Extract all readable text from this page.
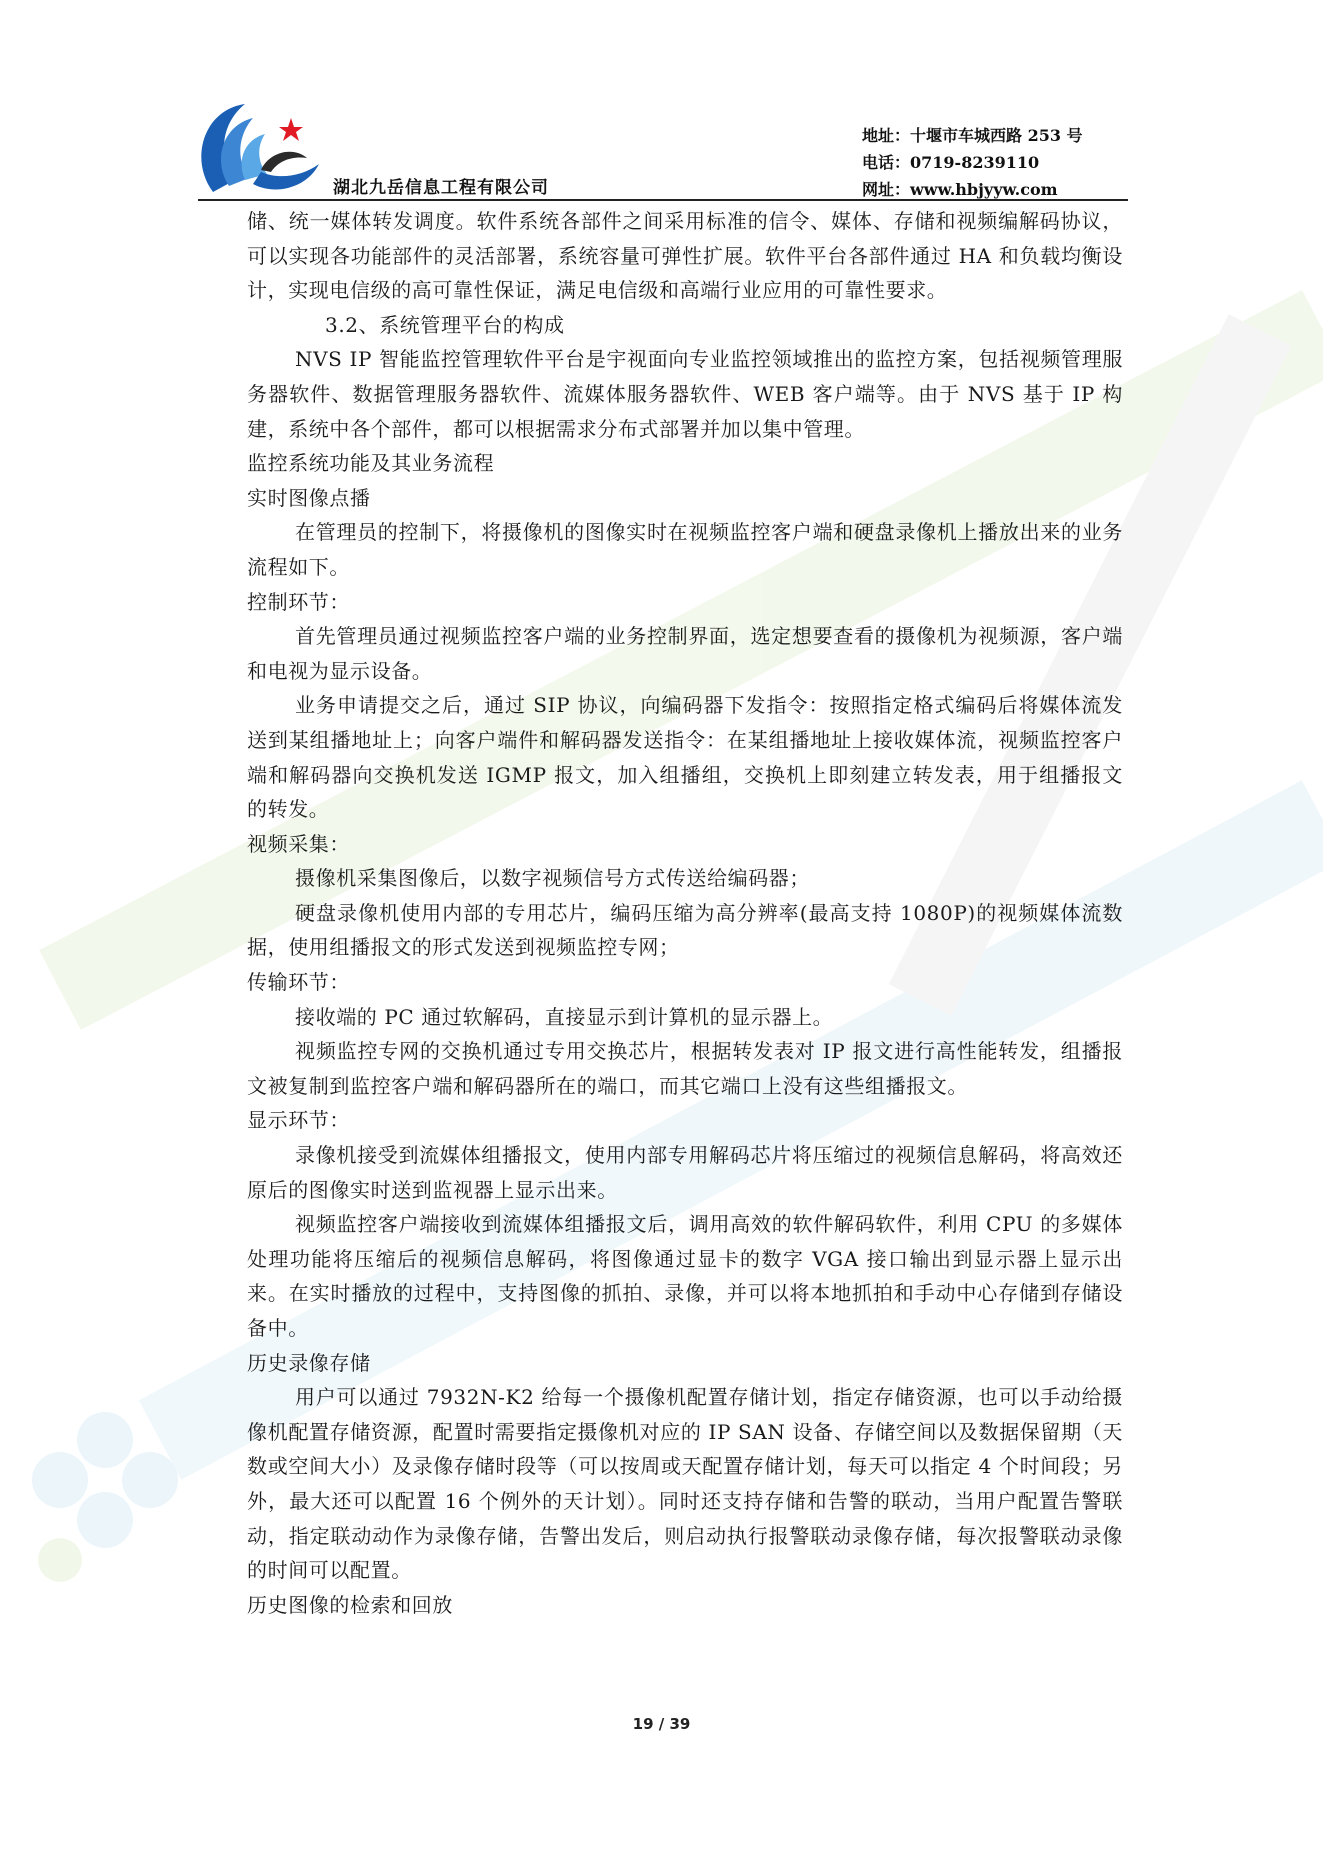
湖北九岳信息工程有限公司
地址：十堰市车城西路 253 号
电话：0719-8239110
网址：www.hbjyyw.com

储、统一媒体转发调度。软件系统各部件之间采用标准的信令、媒体、存储和视频编解码协议，可以实现各功能部件的灵活部署，系统容量可弹性扩展。软件平台各部件通过 HA 和负载均衡设计，实现电信级的高可靠性保证，满足电信级和高端行业应用的可靠性要求。

3.2、系统管理平台的构成

NVS IP 智能监控管理软件平台是宇视面向专业监控领域推出的监控方案，包括视频管理服务器软件、数据管理服务器软件、流媒体服务器软件、WEB 客户端等。由于 NVS 基于 IP 构建，系统中各个部件，都可以根据需求分布式部署并加以集中管理。

监控系统功能及其业务流程

实时图像点播

在管理员的控制下，将摄像机的图像实时在视频监控客户端和硬盘录像机上播放出来的业务流程如下。

控制环节：

首先管理员通过视频监控客户端的业务控制界面，选定想要查看的摄像机为视频源，客户端和电视为显示设备。

业务申请提交之后，通过 SIP 协议，向编码器下发指令：按照指定格式编码后将媒体流发送到某组播地址上；向客户端件和解码器发送指令：在某组播地址上接收媒体流，视频监控客户端和解码器向交换机发送 IGMP 报文，加入组播组，交换机上即刻建立转发表，用于组播报文的转发。

视频采集：

摄像机采集图像后，以数字视频信号方式传送给编码器；

硬盘录像机使用内部的专用芯片，编码压缩为高分辨率(最高支持 1080P)的视频媒体流数据，使用组播报文的形式发送到视频监控专网；

传输环节：

接收端的 PC 通过软解码，直接显示到计算机的显示器上。

视频监控专网的交换机通过专用交换芯片，根据转发表对 IP 报文进行高性能转发，组播报文被复制到监控客户端和解码器所在的端口，而其它端口上没有这些组播报文。

显示环节：

录像机接受到流媒体组播报文，使用内部专用解码芯片将压缩过的视频信息解码，将高效还原后的图像实时送到监视器上显示出来。

视频监控客户端接收到流媒体组播报文后，调用高效的软件解码软件，利用 CPU 的多媒体处理功能将压缩后的视频信息解码，将图像通过显卡的数字 VGA 接口输出到显示器上显示出来。在实时播放的过程中，支持图像的抓拍、录像，并可以将本地抓拍和手动中心存储到存储设备中。

历史录像存储

用户可以通过 7932N-K2 给每一个摄像机配置存储计划，指定存储资源，也可以手动给摄像机配置存储资源，配置时需要指定摄像机对应的 IP SAN 设备、存储空间以及数据保留期（天数或空间大小）及录像存储时段等（可以按周或天配置存储计划，每天可以指定 4 个时间段；另外，最大还可以配置 16 个例外的天计划）。同时还支持存储和告警的联动，当用户配置告警联动，指定联动动作为录像存储，告警出发后，则启动执行报警联动录像存储，每次报警联动录像的时间可以配置。

历史图像的检索和回放

19 / 39
